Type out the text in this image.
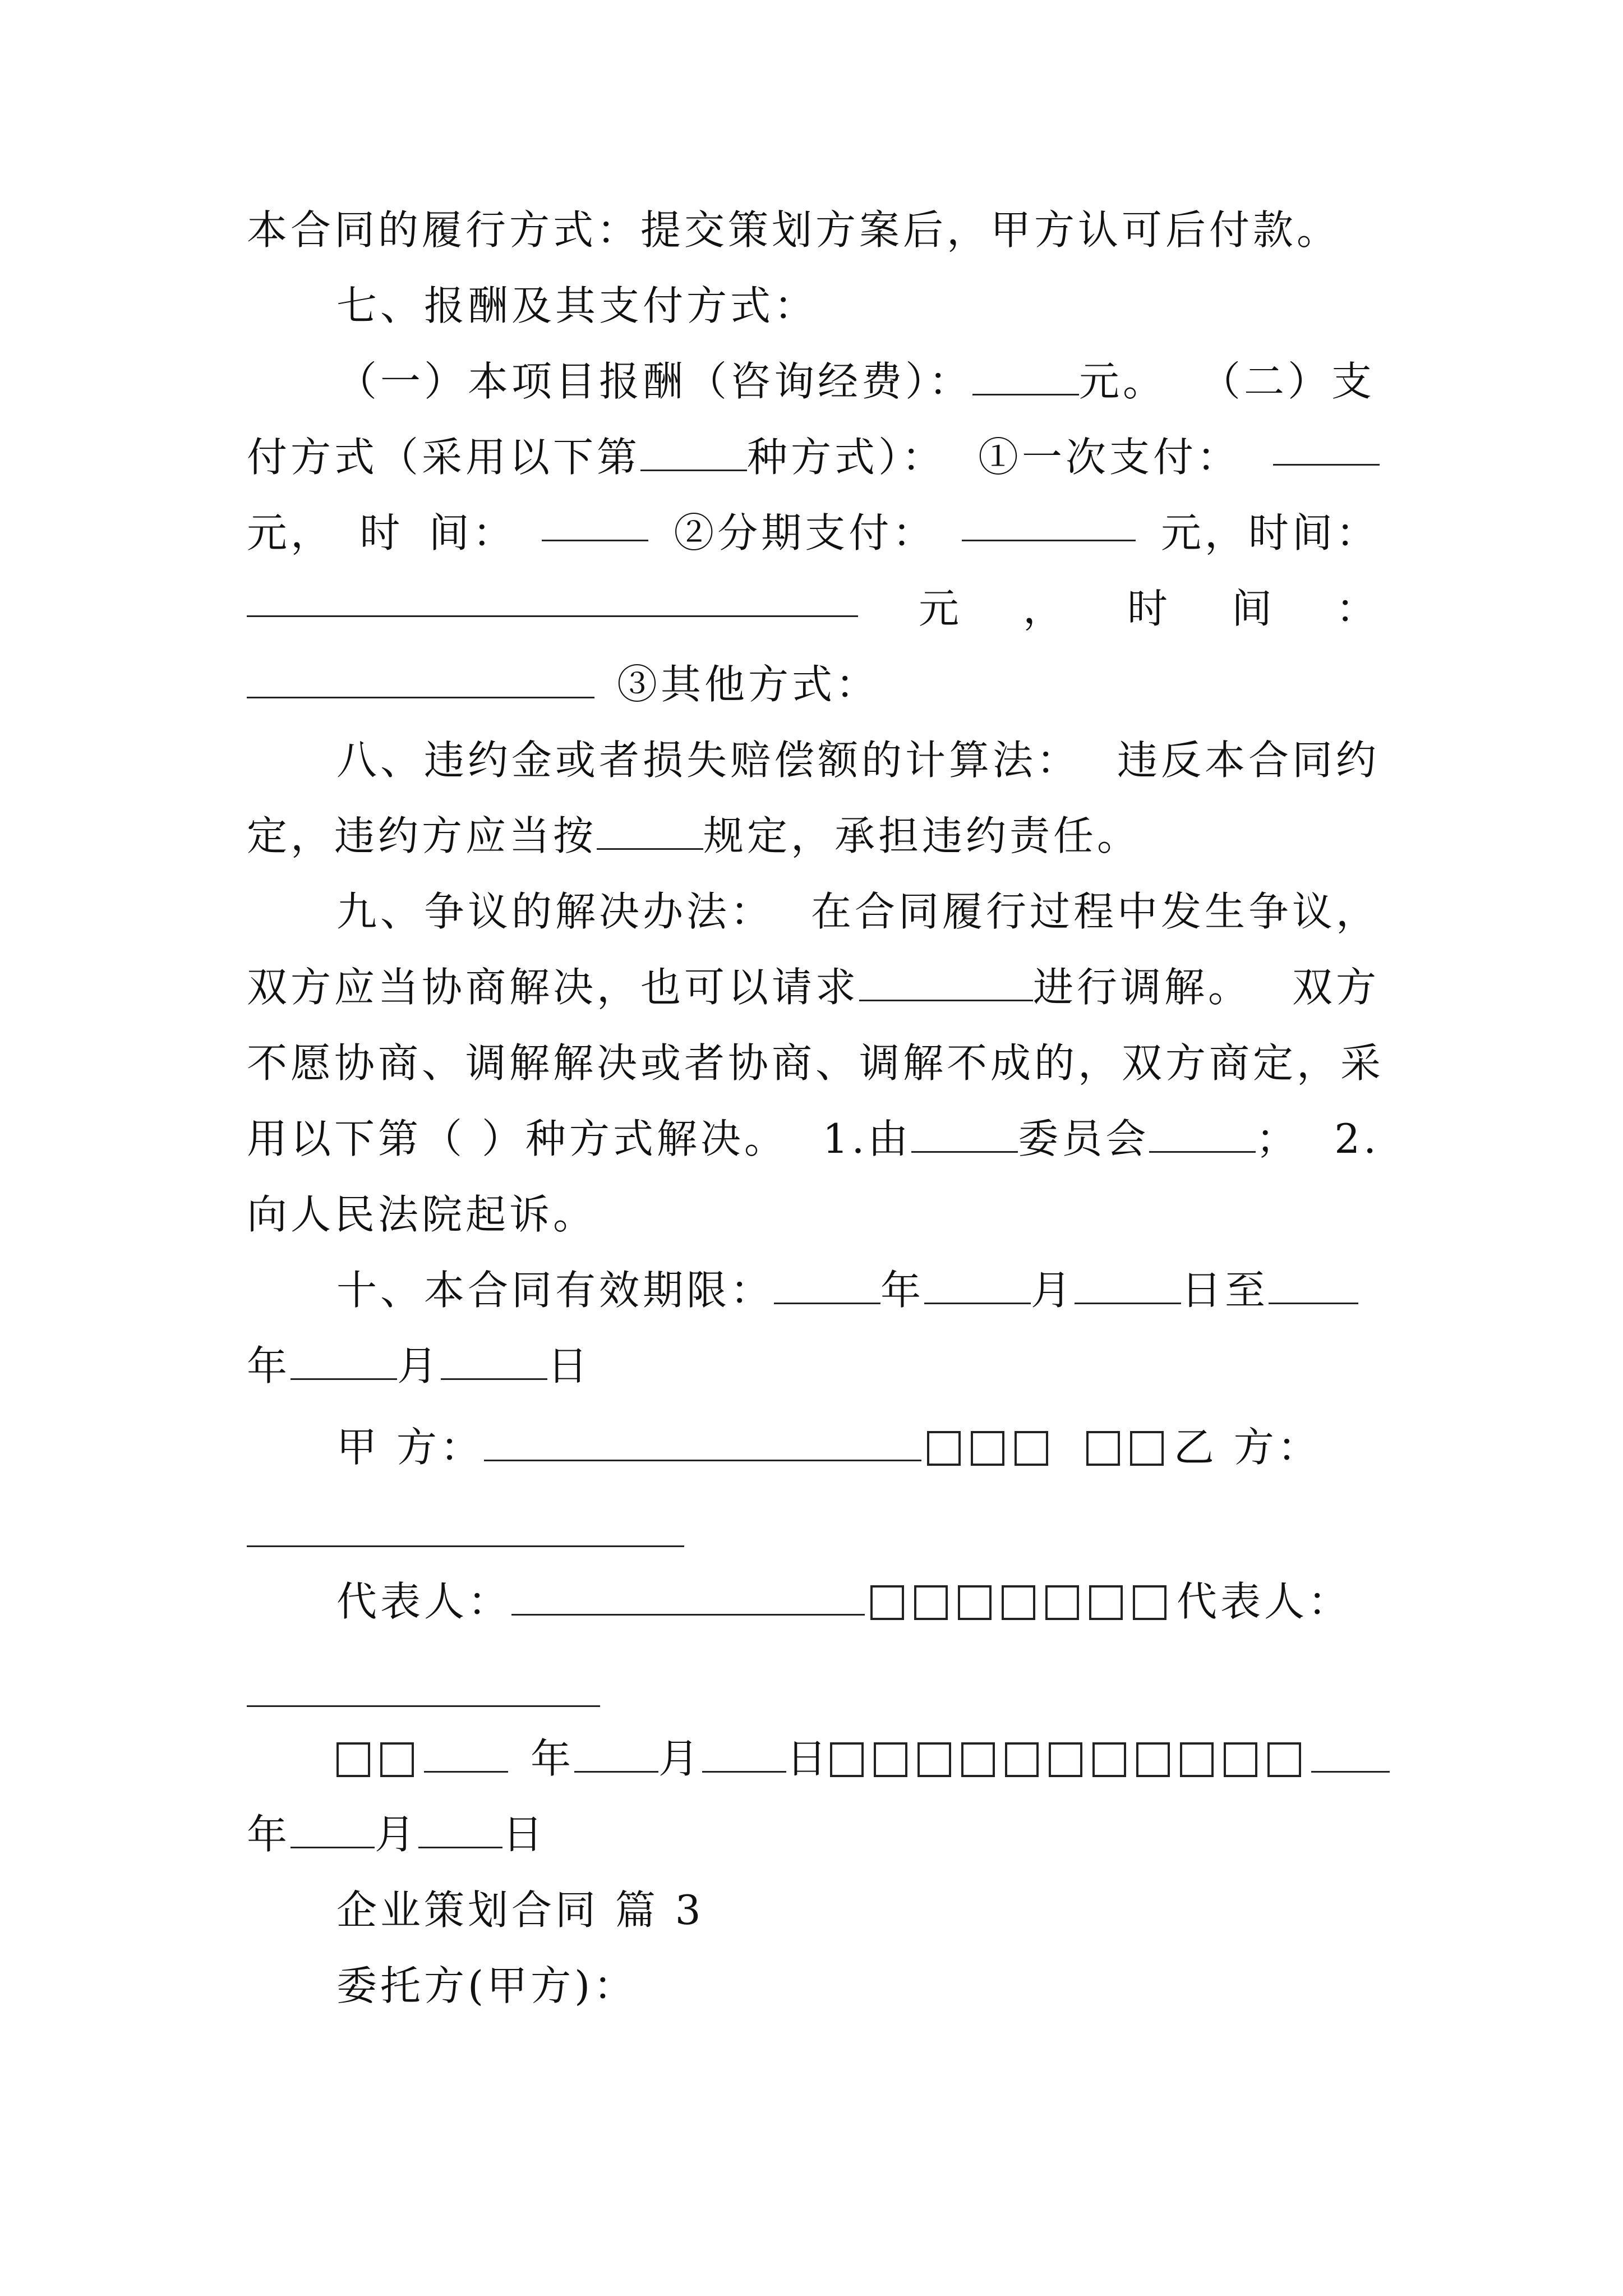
本合同的履行方式：提交策划方案后，甲方认可后付款。
七、报酬及其支付方式：
（一）本项目报酬（咨询经费）：	元。 （二）支
付方式（采用以下第	种方式）： ①一次支付：
元， 时 间：	②分期支付：	元，时间：
元 ， 时 间 ：
③其他方式：
八、违约金或者损失赔偿额的计算法： 违反本合同约
定，违约方应当按	规定，承担违约责任。
九、争议的解决办法： 在合同履行过程中发生争议，
双方应当协商解决，也可以请求	进行调解。 双方
不愿协商、调解解决或者协商、调解不成的，双方商定，采
用以下第（ ）种方式解决。 1.由	委员会	； 2.
向人民法院起诉。
十、本合同有效期限：	年	月	日至
年	月	日
甲 方：	乙 方：
代表人：	代表人：
年 月 日
年 月 日
企业策划合同 篇 3
委托方(甲方)：
